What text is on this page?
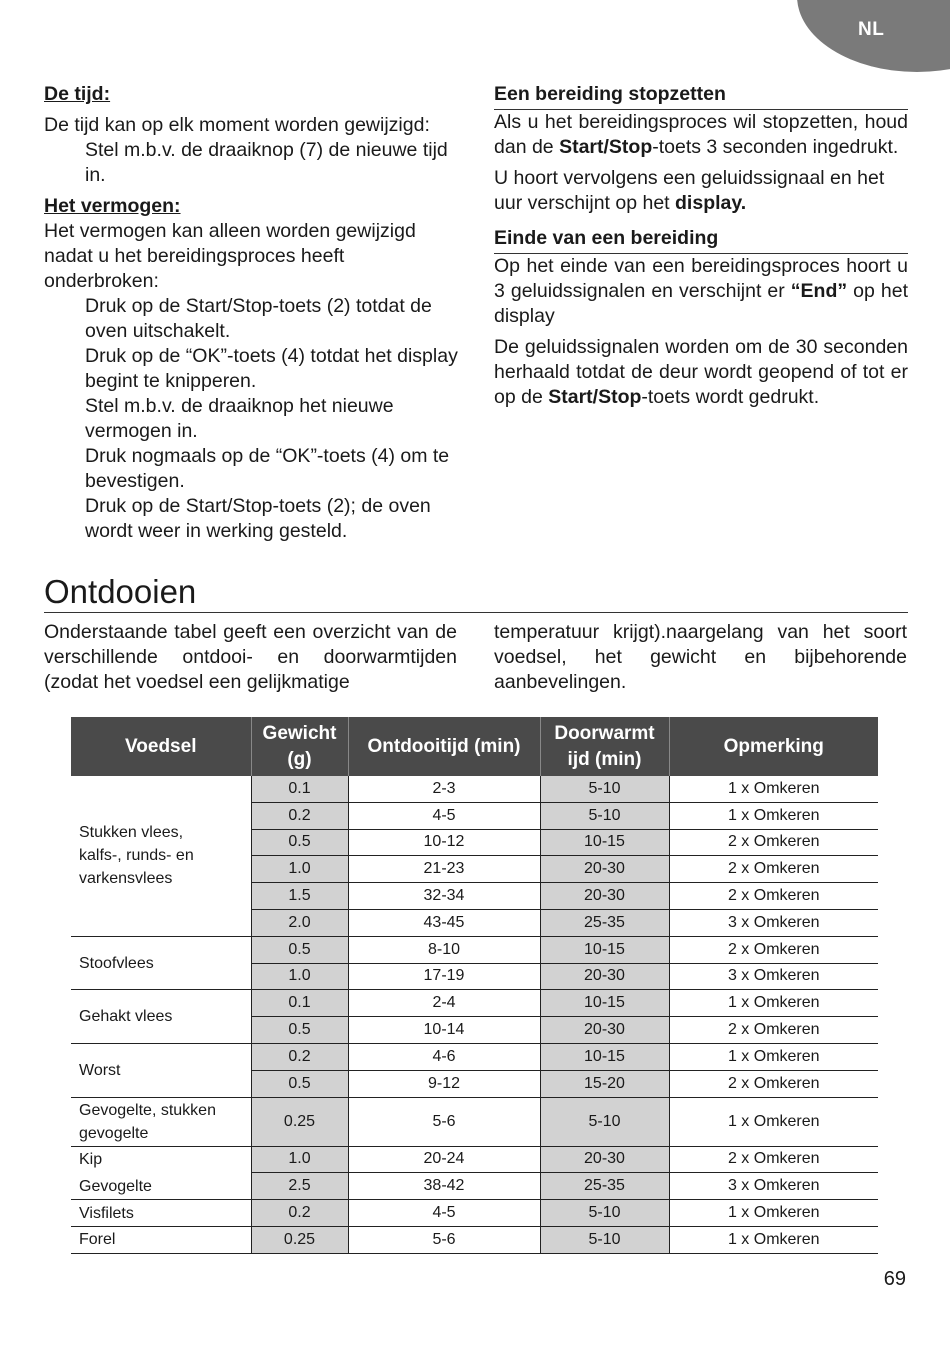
NL

De tijd:

De tijd kan op elk moment worden gewijzigd:

Stel m.b.v. de draaiknop (7) de nieuwe tijd in.

Het vermogen:

Het vermogen kan alleen worden gewijzigd nadat u het bereidingsproces heeft onderbroken:

Druk op de Start/Stop-toets (2) totdat de oven uitschakelt.

Druk op de “OK”-toets (4) totdat het display begint te knipperen.

Stel m.b.v. de draaiknop het nieuwe vermogen in.

Druk nogmaals op de “OK”-toets (4) om te bevestigen.

Druk op de Start/Stop-toets (2); de oven wordt weer in werking gesteld.

Een bereiding stopzetten

Als u het bereidingsproces wil stopzetten, houd dan de Start/Stop-toets 3 seconden ingedrukt.

U hoort vervolgens een geluidssignaal en het uur verschijnt op het display.

Einde van een bereiding

Op het einde van een bereidingsproces hoort u 3 geluidssignalen en verschijnt er “End” op het display

De geluidssignalen worden om de 30 seconden herhaald totdat de deur wordt geopend of tot er op de Start/Stop-toets wordt gedrukt.

Ontdooien
Onderstaande tabel geeft een overzicht van de verschillende ontdooi- en doorwarmtijden (zodat het voedsel een gelijkmatige
temperatuur krijgt).naargelang van het soort voedsel, het gewicht en bijbehorende aanbevelingen.
Voedsel	Gewicht (g)	Ontdooitijd (min)	Doorwarmt ijd (min)	Opmerking
Stukken vlees, kalfs-, runds- en varkensvlees	0.1	2-3	5-10	1 x Omkeren
	0.2	4-5	5-10	1 x Omkeren
	0.5	10-12	10-15	2 x Omkeren
	1.0	21-23	20-30	2 x Omkeren
	1.5	32-34	20-30	2 x Omkeren
	2.0	43-45	25-35	3 x Omkeren
Stoofvlees	0.5	8-10	10-15	2 x Omkeren
	1.0	17-19	20-30	3 x Omkeren
Gehakt vlees	0.1	2-4	10-15	1 x Omkeren
	0.5	10-14	20-30	2 x Omkeren
Worst	0.2	4-6	10-15	1 x Omkeren
	0.5	9-12	15-20	2 x Omkeren
Gevogelte, stukken gevogelte	0.25	5-6	5-10	1 x Omkeren
Kip	1.0	20-24	20-30	2 x Omkeren
Gevogelte	2.5	38-42	25-35	3 x Omkeren
Visfilets	0.2	4-5	5-10	1 x Omkeren
Forel	0.25	5-6	5-10	1 x Omkeren
69
